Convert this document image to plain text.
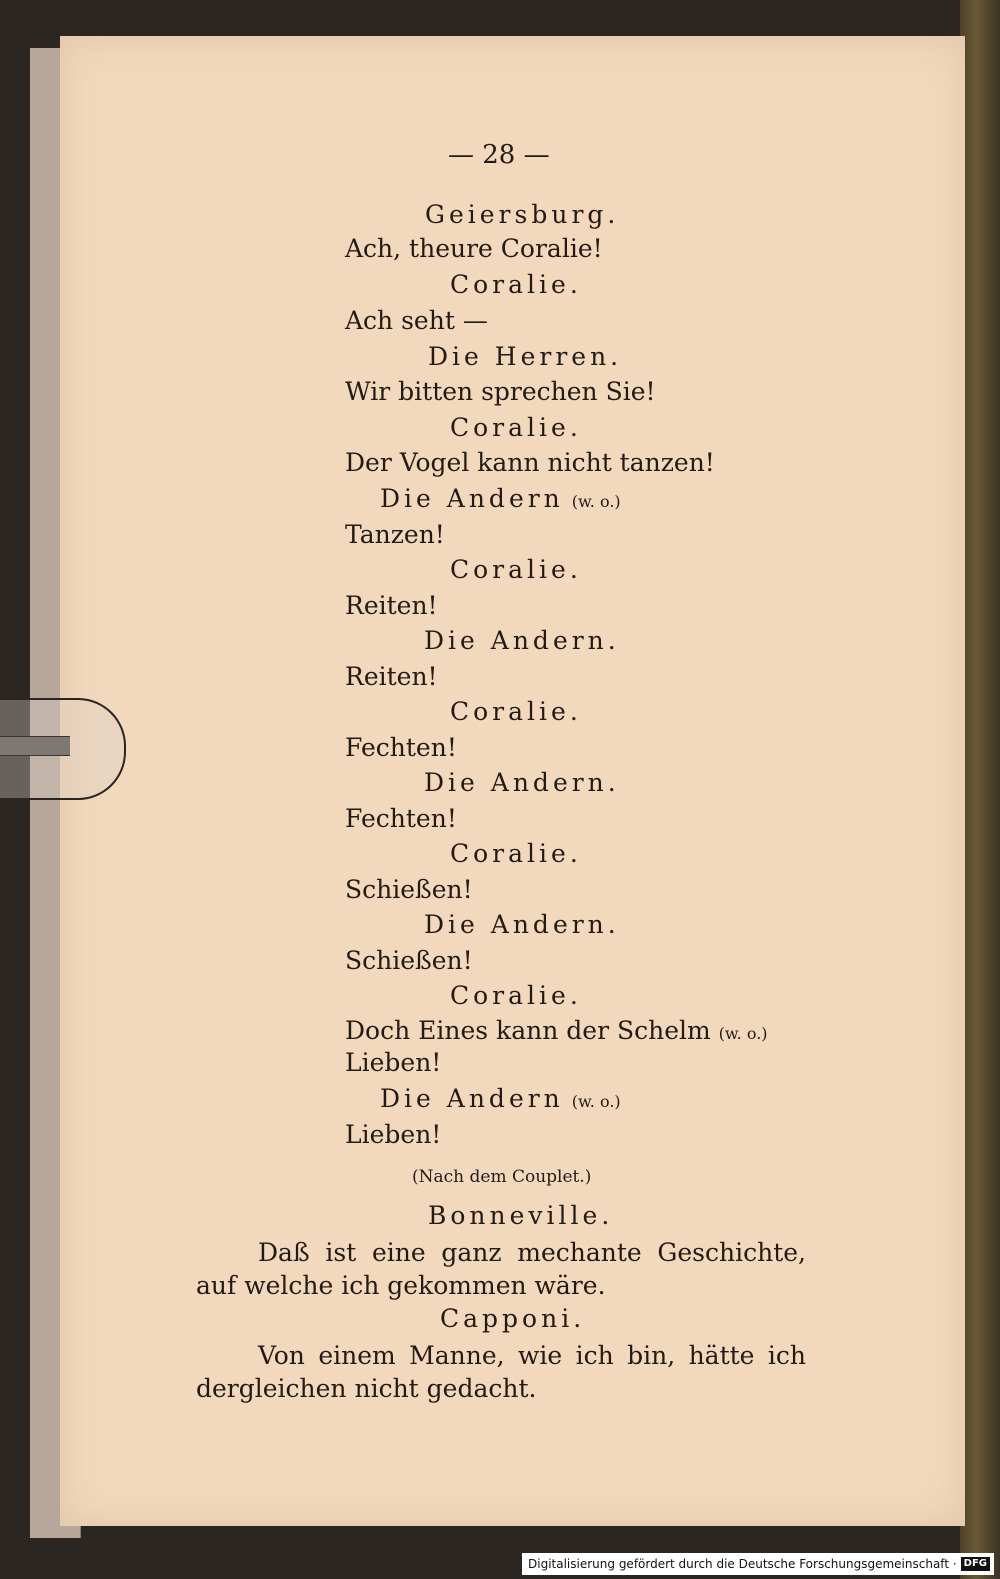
— 28 —
Geiersburg.
Ach, theure Coralie!
Coralie.
Ach seht —
Die Herren.
Wir bitten sprechen Sie!
Coralie.
Der Vogel kann nicht tanzen!
Die Andern (w. o.)
Tanzen!
Coralie.
Reiten!
Die Andern.
Reiten!
Coralie.
Fechten!
Die Andern.
Fechten!
Coralie.
Schießen!
Die Andern.
Schießen!
Coralie.
Doch Eines kann der Schelm (w. o.)
Lieben!
Die Andern (w. o.)
Lieben!
(Nach dem Couplet.)
Bonneville.
Daß ist eine ganz mechante Geschichte, auf welche ich gekommen wäre.
Capponi.
Von einem Manne, wie ich bin, hätte ich dergleichen nicht gedacht.
Digitalisierung gefördert durch die Deutsche Forschungsgemeinschaft · DFG
